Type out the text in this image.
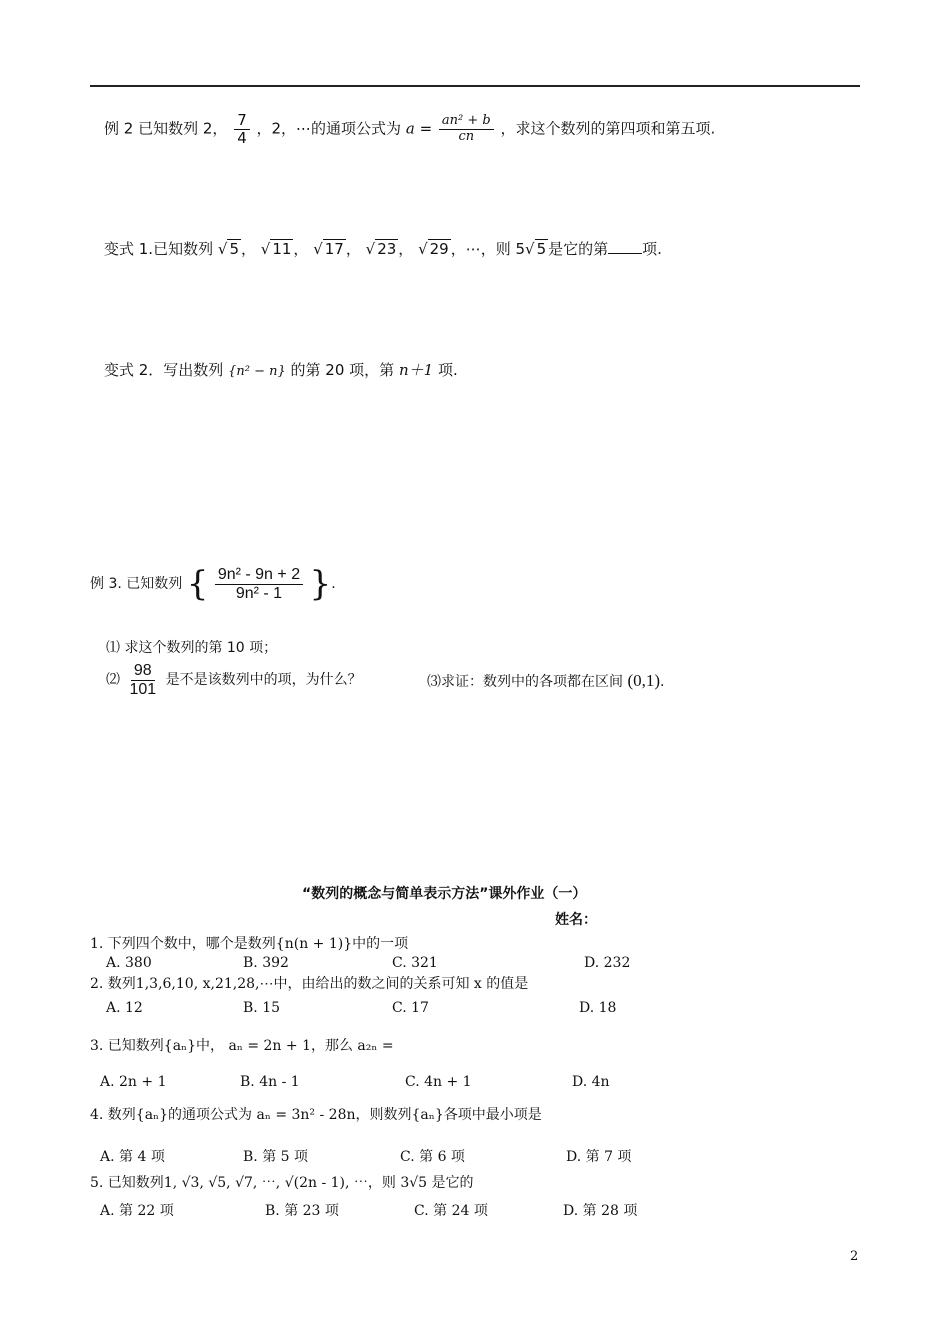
例 2 已知数列 2， $\frac{7}{4}$ ，2，⋯的通项公式为 $a = \frac{\text{an² + b}}{cn}$ ，求这个数列的第四项和第五项.
变式 1.已知数列 √ 5 ， √ 11 ， √ 17 ， √ 23 ， √ 29 ，⋯，则 5√ 5 是它的第 项.
变式 2．写出数列 {n² − n} 的第 20 项，第 n＋1 项.
例 3. 已知数列 { $\frac{\text{9n² - 9n + 2}}{\text{9n² - 1}}$ }.
⑴ 求这个数列的第 10 项；
⑵ $\frac{98}{101}$ 是不是该数列中的项，为什么？	⑶求证：数列中的各项都在区间 (0,1).
“数列的概念与简单表示方法”课外作业（一）
姓名：
1. 下列四个数中，哪个是数列{n(n + 1)}中的一项
A. 380	B. 392	C. 321	D. 232
2. 数列1,3,6,10, x,21,28,⋯中，由给出的数之间的关系可知 x 的值是
A. 12	B. 15	C. 17	D. 18
3. 已知数列{aₙ}中， aₙ = 2n + 1，那么 a₂ₙ =
A. 2n + 1	B. 4n - 1	C. 4n + 1	D. 4n
4. 数列{aₙ}的通项公式为 aₙ = 3n² - 28n，则数列{aₙ}各项中最小项是
A. 第 4 项	B. 第 5 项	C. 第 6 项	D. 第 7 项
5. 已知数列1, √3, √5, √7, ⋯, √(2n - 1), ⋯，则 3√5 是它的
A. 第 22 项	B. 第 23 项	C. 第 24 项	D. 第 28 项
2
